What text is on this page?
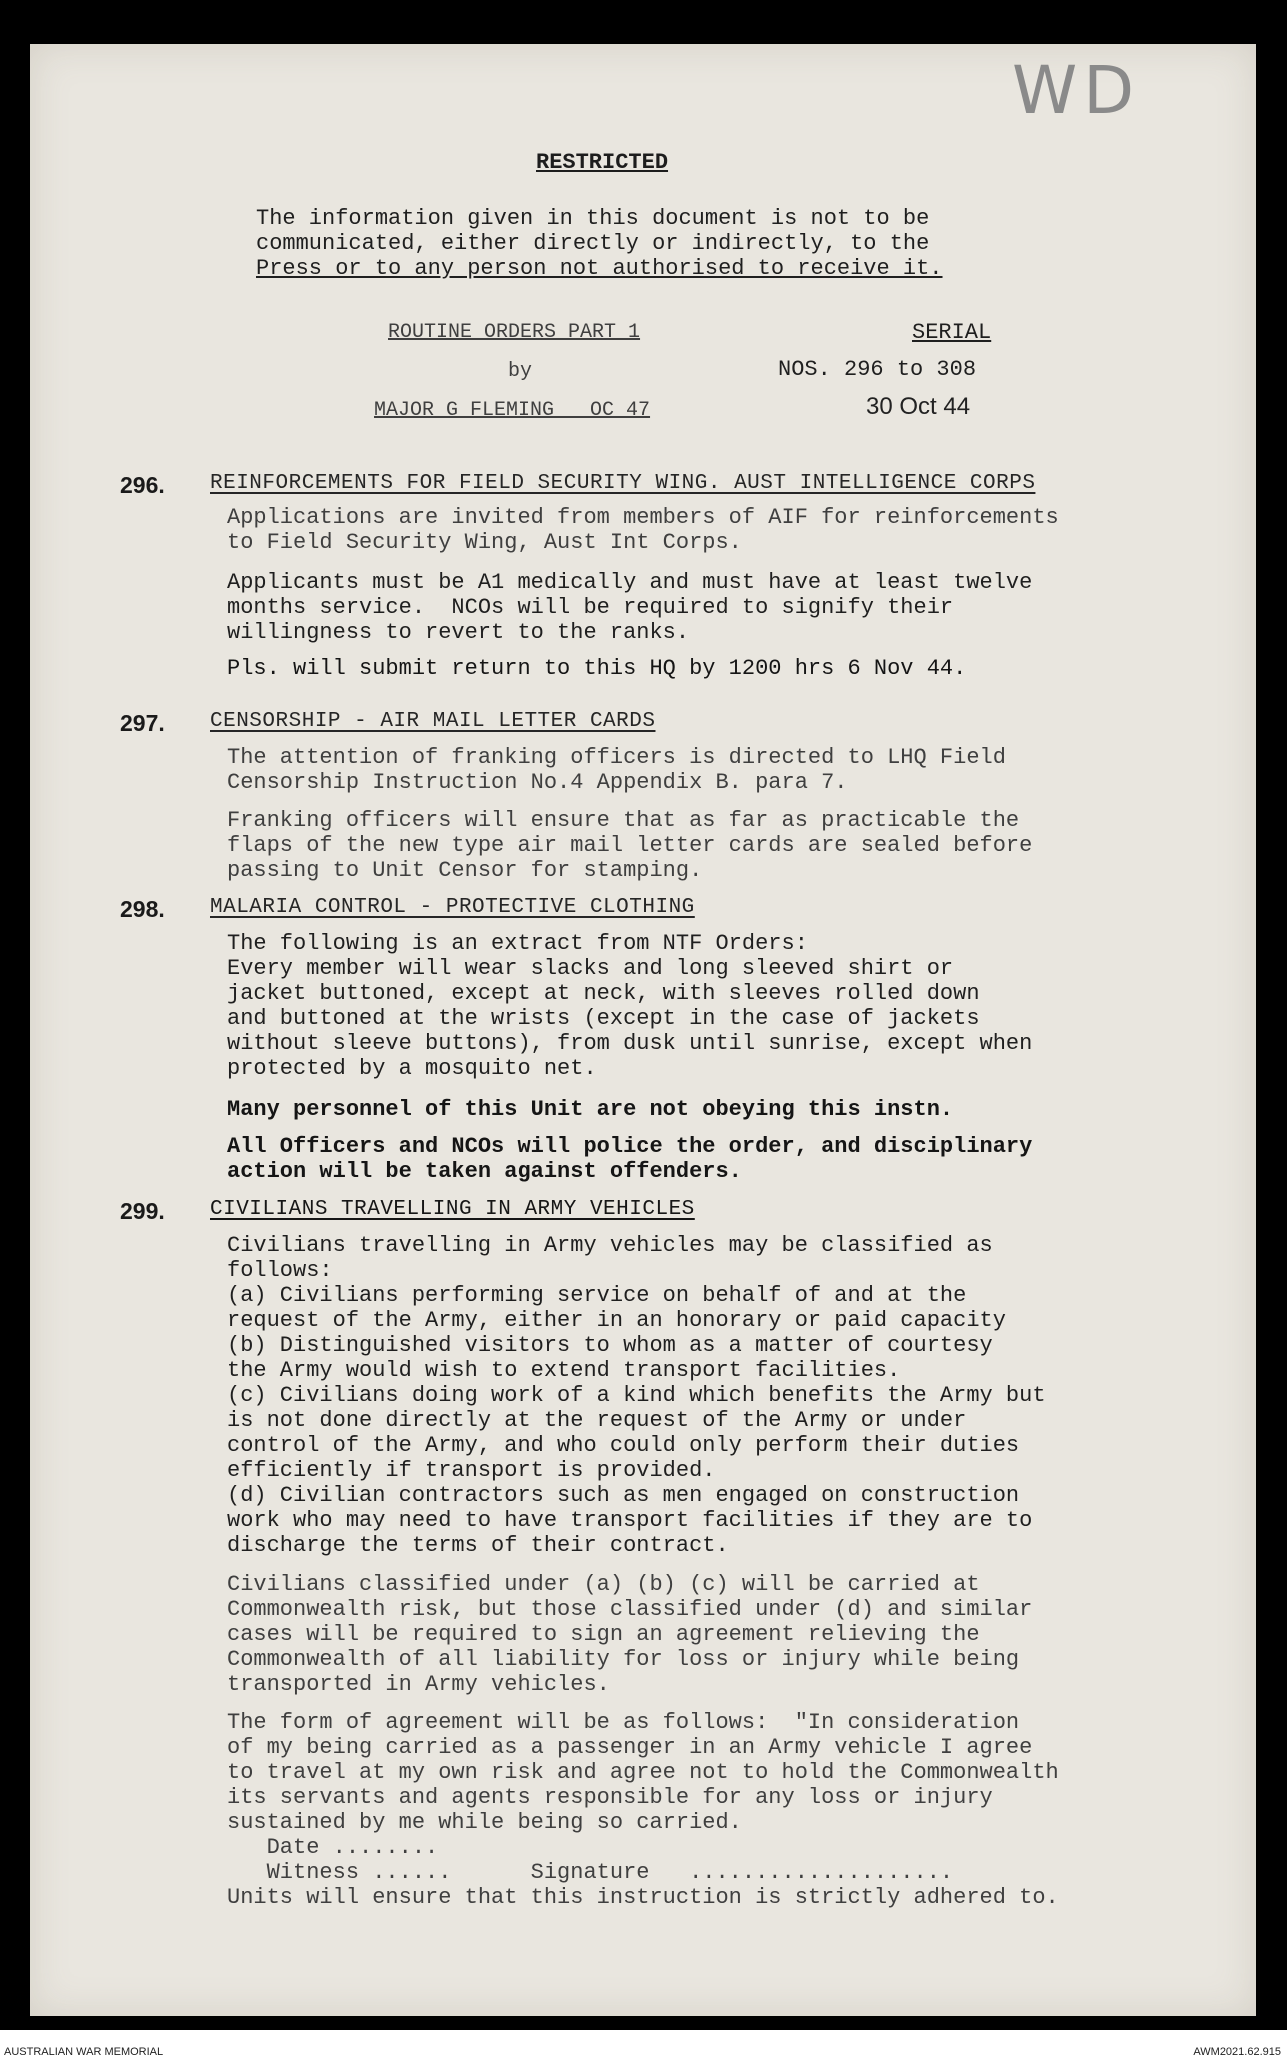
WD
RESTRICTED
The information given in this document is not to be
communicated, either directly or indirectly, to the
Press or to any person not authorised to receive it.
ROUTINE ORDERS PART 1
by
MAJOR G FLEMING   OC 47
SERIAL
NOS. 296 to 308
30 Oct 44
296. REINFORCEMENTS FOR FIELD SECURITY WING. AUST INTELLIGENCE CORPS
Applications are invited from members of AIF for reinforcements
to Field Security Wing, Aust Int Corps.
Applicants must be A1 medically and must have at least twelve
months service.  NCOs will be required to signify their
willingness to revert to the ranks.
Pls. will submit return to this HQ by 1200 hrs 6 Nov 44.
297. CENSORSHIP - AIR MAIL LETTER CARDS
The attention of franking officers is directed to LHQ Field
Censorship Instruction No.4 Appendix B. para 7.
Franking officers will ensure that as far as practicable the
flaps of the new type air mail letter cards are sealed before
passing to Unit Censor for stamping.
298. MALARIA CONTROL - PROTECTIVE CLOTHING
The following is an extract from NTF Orders:
Every member will wear slacks and long sleeved shirt or
jacket buttoned, except at neck, with sleeves rolled down
and buttoned at the wrists (except in the case of jackets
without sleeve buttons), from dusk until sunrise, except when
protected by a mosquito net.
Many personnel of this Unit are not obeying this instn.
All Officers and NCOs will police the order, and disciplinary
action will be taken against offenders.
299. CIVILIANS TRAVELLING IN ARMY VEHICLES
Civilians travelling in Army vehicles may be classified as
follows:
(a) Civilians performing service on behalf of and at the
request of the Army, either in an honorary or paid capacity
(b) Distinguished visitors to whom as a matter of courtesy
the Army would wish to extend transport facilities.
(c) Civilians doing work of a kind which benefits the Army but
is not done directly at the request of the Army or under
control of the Army, and who could only perform their duties
efficiently if transport is provided.
(d) Civilian contractors such as men engaged on construction
work who may need to have transport facilities if they are to
discharge the terms of their contract.
Civilians classified under (a) (b) (c) will be carried at
Commonwealth risk, but those classified under (d) and similar
cases will be required to sign an agreement relieving the
Commonwealth of all liability for loss or injury while being
transported in Army vehicles.
The form of agreement will be as follows:  "In consideration
of my being carried as a passenger in an Army vehicle I agree
to travel at my own risk and agree not to hold the Commonwealth
its servants and agents responsible for any loss or injury
sustained by me while being so carried.
Date ........
Witness ......      Signature   ....................
Units will ensure that this instruction is strictly adhered to.
AUSTRALIAN WAR MEMORIAL	AWM2021.62.915
